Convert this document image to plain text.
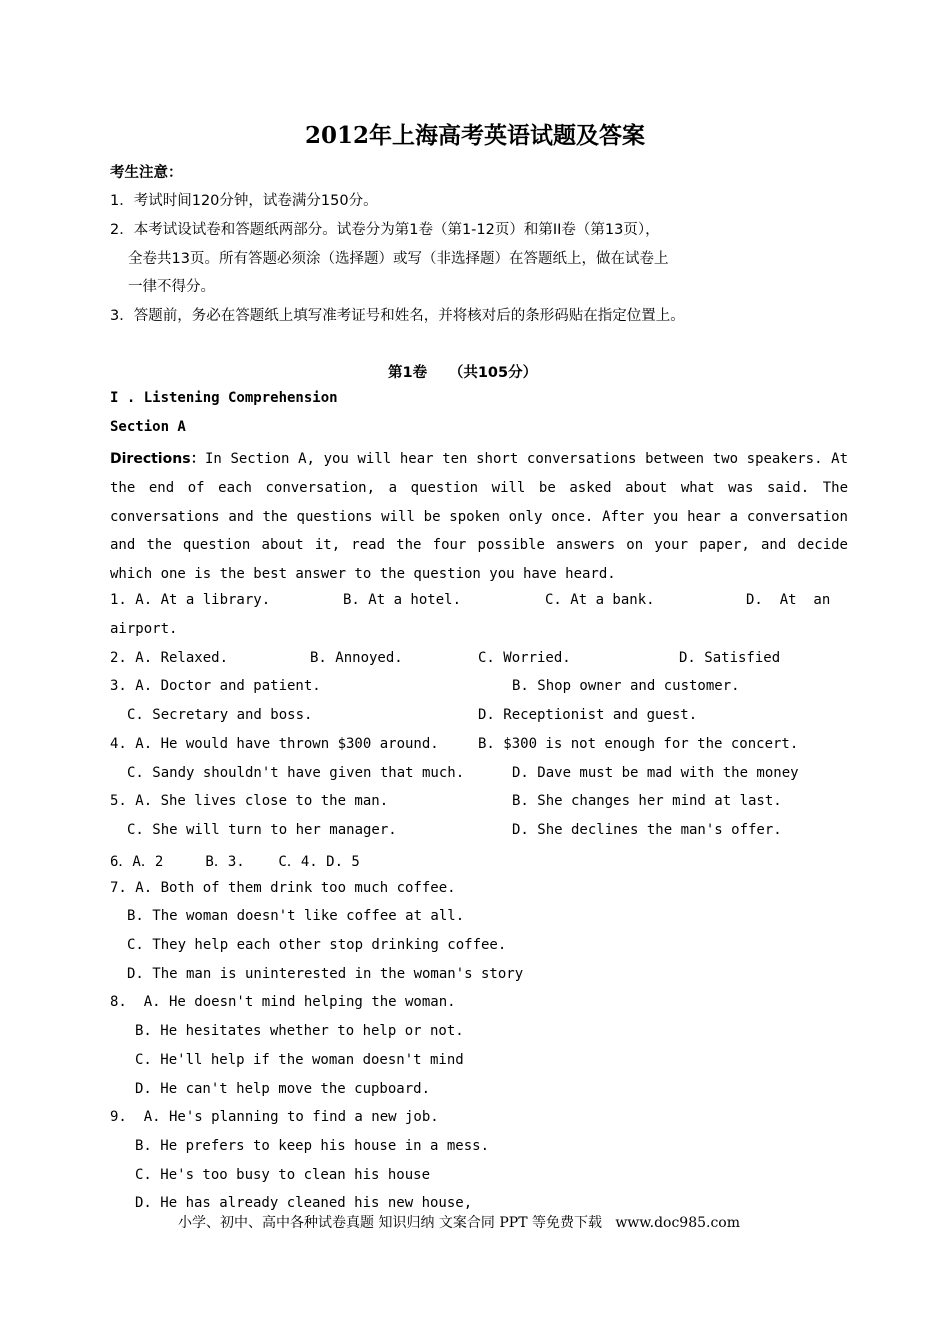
2012年上海高考英语试题及答案
考生注意：
1．考试时间120分钟，试卷满分150分。
2．本考试设试卷和答题纸两部分。试卷分为第1卷（第1-12页）和第II卷（第13页），
全卷共13页。所有答题必须涂（选择题）或写（非选择题）在答题纸上，做在试卷上
一律不得分。
3．答题前，务必在答题纸上填写准考证号和姓名，并将核对后的条形码贴在指定位置上。
第1卷　　（共105分）
I . Listening Comprehension
Section A
Directions：In Section A, you will hear ten short conversations between two speakers. At the end of each conversation, a question will be asked about what was said. The conversations and the questions will be spoken only once. After you hear a conversation and the question about it, read the four possible answers on your paper, and decide which one is the best answer to the question you have heard.
1. A. At a library.	B. At a hotel.	C. At a bank.	D.  At  an
airport.
2. A. Relaxed.	B. Annoyed.	C. Worried.	D. Satisfied
3. A. Doctor and patient.	B. Shop owner and customer.
C. Secretary and boss.	D. Receptionist and guest.
4. A. He would have thrown $300 around.	B. $300 is not enough for the concert.
C. Sandy shouldn't have given that much.	D. Dave must be mad with the money
5. A. She lives close to the man.	B. She changes her mind at last.
C. She will turn to her manager.	D. She declines the man's offer.
6．A．2     B．3.    C．4. D. 5
7. A. Both of them drink too much coffee.
B. The woman doesn't like coffee at all.
C. They help each other stop drinking coffee.
D. The man is uninterested in the woman's story
8.  A. He doesn't mind helping the woman.
B. He hesitates whether to help or not.
C. He'll help if the woman doesn't mind
D. He can't help move the cupboard.
9.  A. He's planning to find a new job.
B. He prefers to keep his house in a mess.
C. He's too busy to clean his house
D. He has already cleaned his new house,
小学、初中、高中各种试卷真题 知识归纳 文案合同 PPT 等免费下载   www.doc985.com
